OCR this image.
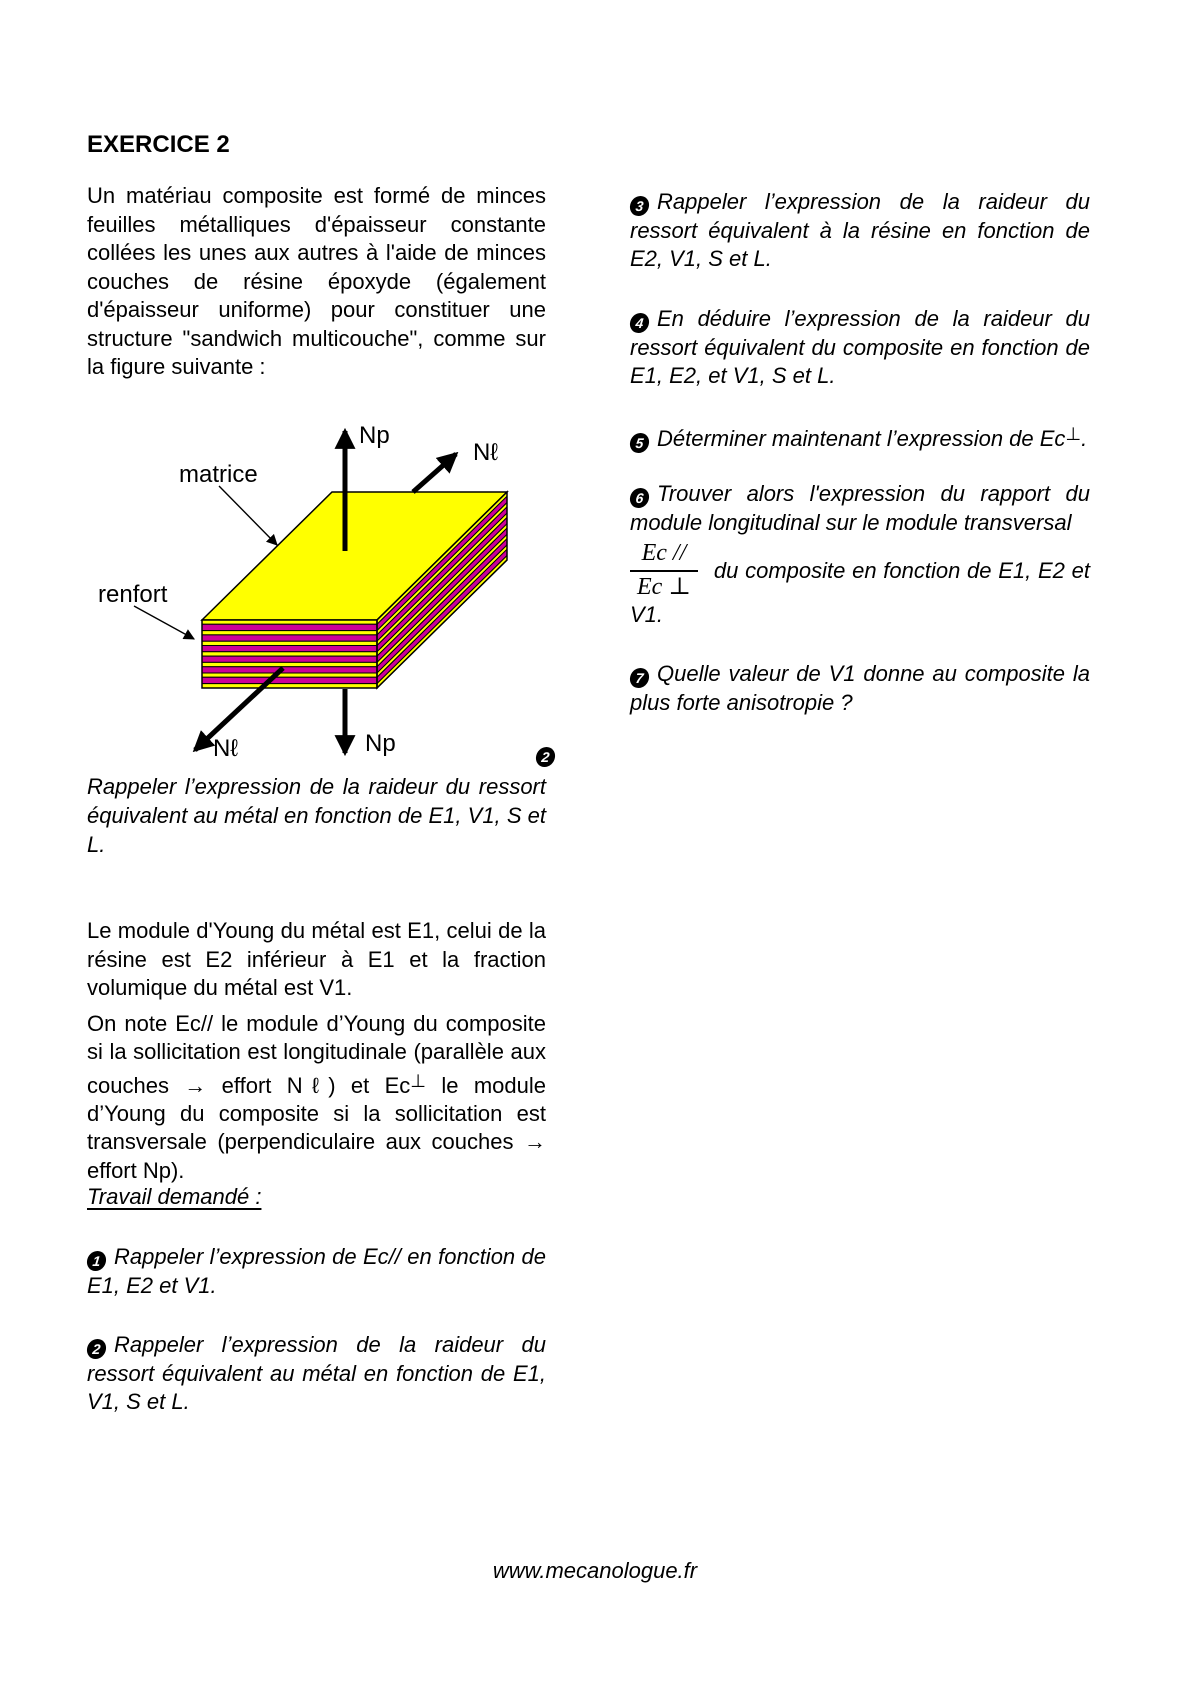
EXERCICE 2

Un matériau composite est formé de minces feuilles métalliques d'épaisseur constante collées les unes aux autres à l'aide de minces couches de résine époxyde (également d'épaisseur uniforme) pour constituer une structure "sandwich multicouche", comme sur la figure suivante :

matrice
renfort
Np
Nℓ
Nℓ	Np	2

Rappeler l’expression de la raideur du ressort équivalent au métal en fonction de E1, V1, S et L.

Le module d'Young du métal est E1, celui de la résine est E2 inférieur à E1 et la fraction volumique du métal est V1.

On note Ec// le module d’Young du composite si la sollicitation est longitudinale (parallèle aux couches → effort Nℓ) et Ec⊥ le module d’Young du composite si la sollicitation est transversale (perpendiculaire aux couches → effort Np).

Travail demandé :

1 Rappeler l’expression de Ec// en fonction de E1, E2 et V1.

2 Rappeler l’expression de la raideur du ressort équivalent au métal en fonction de E1, V1, S et L.

3 Rappeler l’expression de la raideur du ressort équivalent à la résine en fonction de E2, V1, S et L.

4 En déduire l’expression de la raideur du ressort équivalent du composite en fonction de E1, E2, et V1, S et L.

5 Déterminer maintenant l’expression de Ec⊥.

6 Trouver alors l'expression du rapport du module longitudinal sur le module transversal

$\frac{Ec //}{Ec \perp}$ du composite en fonction de E1, E2 et

V1.

7 Quelle valeur de V1 donne au composite la plus forte anisotropie ?

www.mecanologue.fr
